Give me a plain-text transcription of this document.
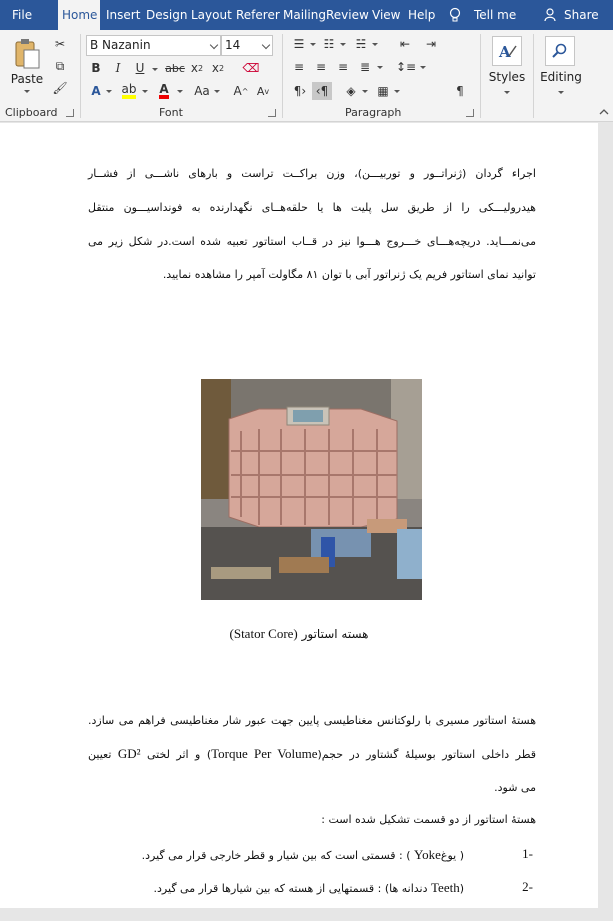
File	Home Insert Design Layout Referer Mailing Review View Help	Tell me	Share
Paste
✂
⧉
🖌
Clipboard
B Nazanin	14
B	I	U	abc x 2 x 2 ⌫
A ab A	Aa	A ^ A v
Font
☰	☷	☵	⇤	⇥
≡ ≡ ≡ ≣	↕≡
¶› ‹¶	◈	▦	¶
Paragraph
A
Styles Editing
اجراء گردان (ژنراتــور و توربیـــن)، وزن براکــت تراست و بارهای ناشـــی از فشــار
هیدرولیـــکی را از طریق سل پلیت ها یا حلقه‌هــای نگهدارنده به فونداسیـــون منتقل
می‌نمـــاید. دریچه‌هـــای خـــروج هـــوا نیز در قــاب استاتور تعبیه شده است.در شکل زیر می
توانید نمای استاتور فریم یک ژنراتور آبی با توان ۸۱ مگاولت آمپر را مشاهده نمایید.
هسته استاتور (Stator Core)
هستهٔ استاتور مسیری با رلوکتانس مغناطیسی پایین جهت عبور شار مغناطیسی فراهم می سازد.
قطر داخلی استاتور بوسیلهٔ گشتاور در حجم(Torque Per Volume) و اثر لختی GD² تعیین
می شود.
هستهٔ استاتور از دو قسمت تشکیل شده است :
1-
( یوغYoke ) : قسمتی است که بین شیار و قطر خارجی قرار می گیرد.
2-
(Teeth دندانه ها) : قسمتهایی از هسته که بین شیارها قرار می گیرد.
